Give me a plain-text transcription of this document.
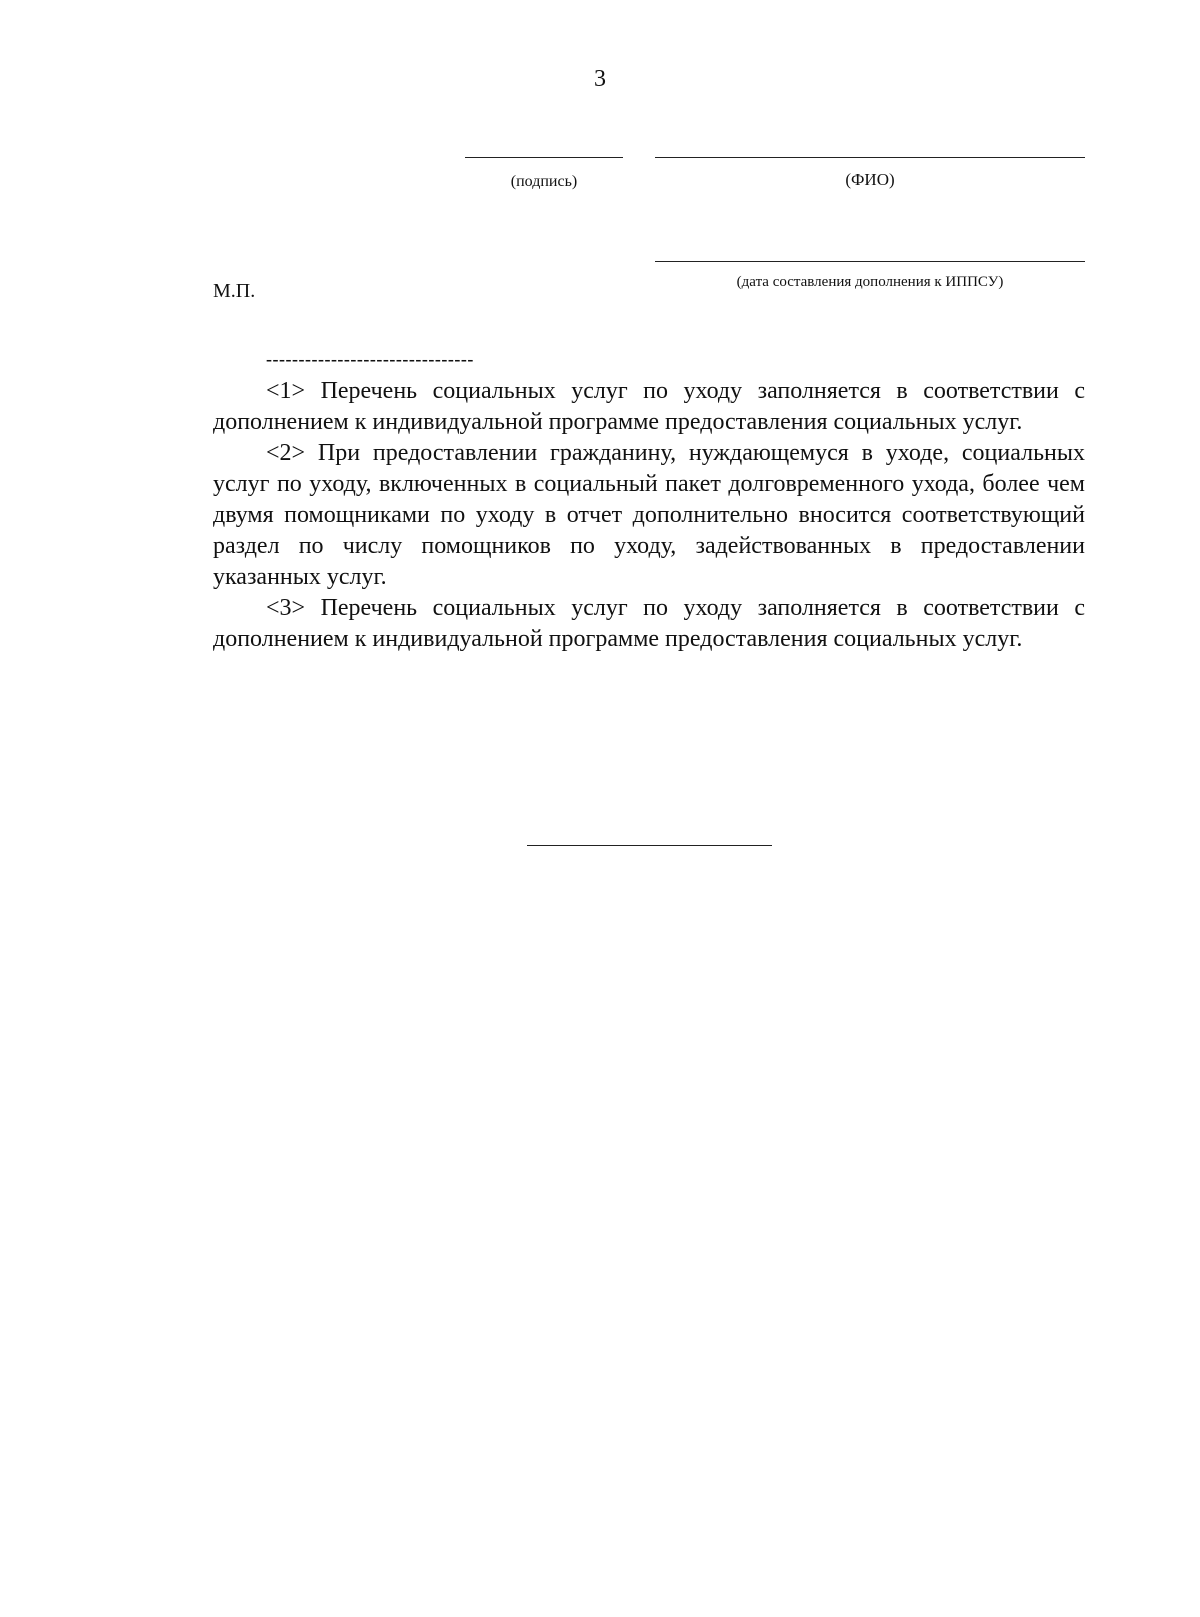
3
(подпись)	(ФИО)
(дата составления дополнения к ИППСУ)
М.П.
--------------------------------

<1> Перечень социальных услуг по уходу заполняется в соответствии с дополнением к индивидуальной программе предоставления социальных услуг.

<2> При предоставлении гражданину, нуждающемуся в уходе, социальных услуг по уходу, включенных в социальный пакет долговременного ухода, более чем двумя помощниками по уходу в отчет дополнительно вносится соответствующий раздел по числу помощников по уходу, задействованных в предоставлении указанных услуг.

<3> Перечень социальных услуг по уходу заполняется в соответствии с дополнением к индивидуальной программе предоставления социальных услуг.
